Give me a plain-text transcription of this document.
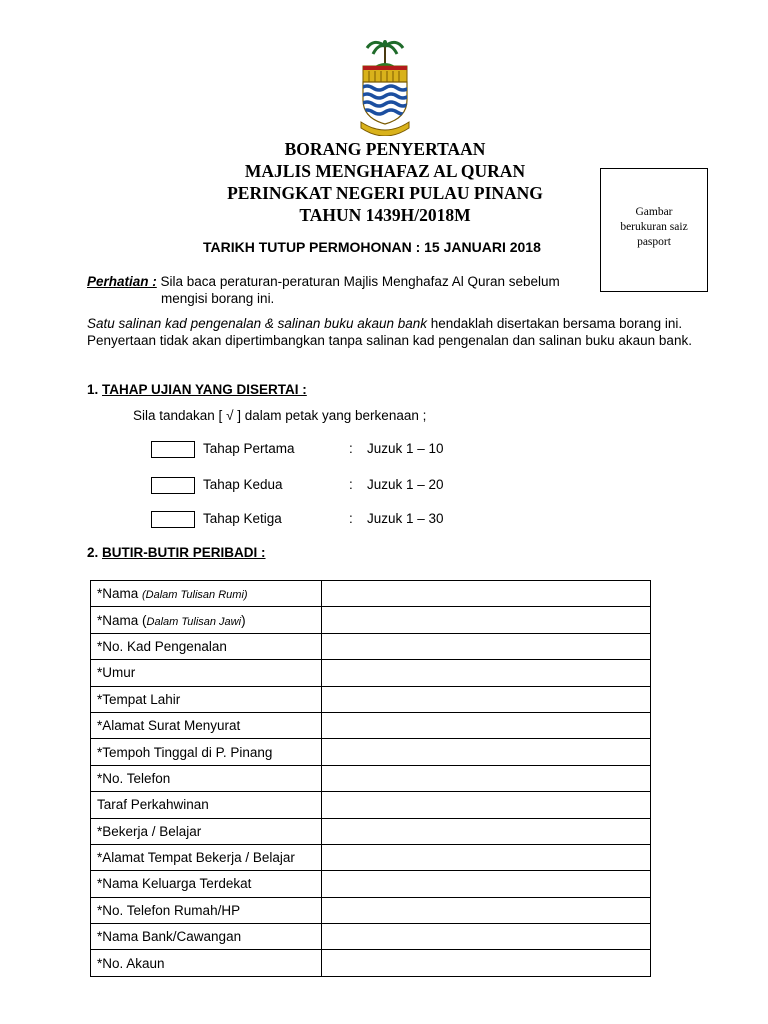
BORANG PENYERTAAN
MAJLIS MENGHAFAZ AL QURAN
PERINGKAT NEGERI PULAU PINANG
TAHUN 1439H/2018M	Gambar
berukuran saiz
pasport
TARIKH TUTUP PERMOHONAN : 15 JANUARI 2018
Perhatian : Sila baca peraturan-peraturan Majlis Menghafaz Al Quran sebelum
mengisi borang ini.
Satu salinan kad pengenalan & salinan buku akaun bank hendaklah disertakan bersama borang ini. Penyertaan tidak akan dipertimbangkan tanpa salinan kad pengenalan dan salinan buku akaun bank.
1. TAHAP UJIAN YANG DISERTAI :
Sila tandakan [ √ ] dalam petak yang berkenaan ;
Tahap Pertama	: Juzuk 1 – 10
Tahap Kedua	: Juzuk 1 – 20
Tahap Ketiga	: Juzuk 1 – 30
2. BUTIR-BUTIR PERIBADI :
*Nama (Dalam Tulisan Rumi)	
*Nama (Dalam Tulisan Jawi)	
*No. Kad Pengenalan	
*Umur	
*Tempat Lahir	
*Alamat Surat Menyurat	
*Tempoh Tinggal di P. Pinang	
*No. Telefon	
Taraf Perkahwinan	
*Bekerja / Belajar	
*Alamat Tempat Bekerja / Belajar	
*Nama Keluarga Terdekat	
*No. Telefon Rumah/HP	
*Nama Bank/Cawangan	
*No. Akaun	
